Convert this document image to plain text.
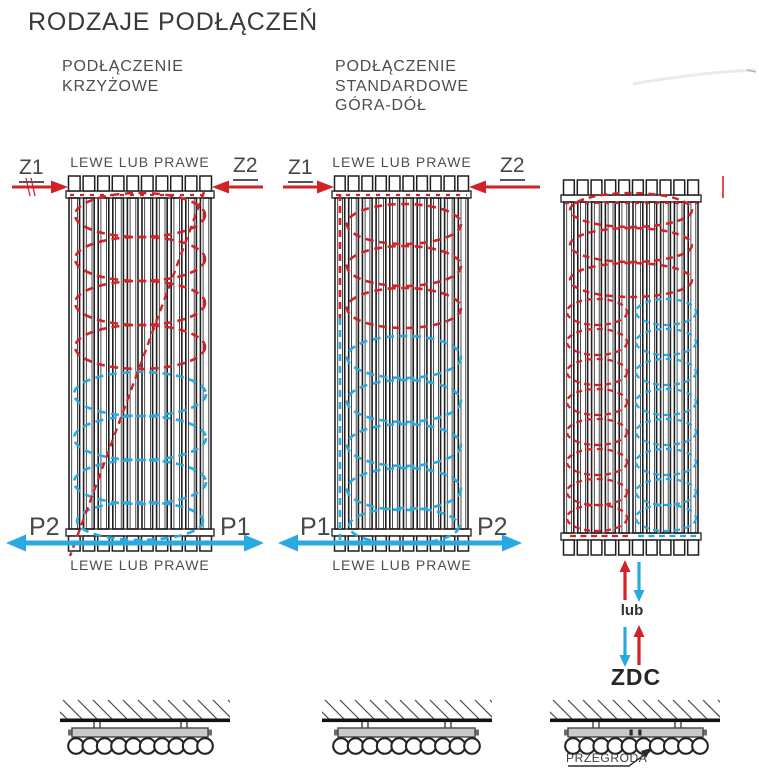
RODZAJE PODŁĄCZEŃ
PODŁĄCZENIE
KRZYŻOWE
PODŁĄCZENIE
STANDARDOWE
GÓRA-DÓŁ
LEWE LUB PRAWE	LEWE LUB PRAWE
LEWE LUB PRAWE	LEWE LUB PRAWE
Z1	Z2 Z1	Z2
P2	P1 P1	P2
lub
ZDC
PRZEGRODA
